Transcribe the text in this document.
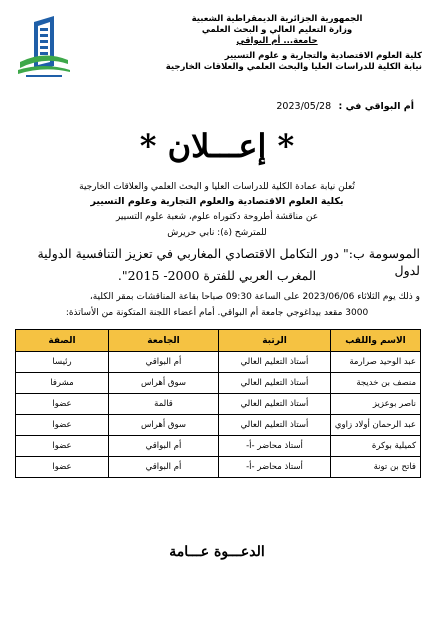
الجمهورية الجزائرية الديمقراطية الشعبية
وزارة التعليم العالي و البحث العلمي
جامعة... أم البواقي
كلية العلوم الاقتصادية والتجارية و علوم التسيير
نيابة الكلية للدراسات العليا والبحث العلمي والعلاقات الخارجية
أم البواقي في : 2023/05/28
* إعـــلان *
تُعلن نيابة عمادة الكلية للدراسات العليا و البحث العلمي والعلاقات الخارجية
بكلية العلوم الاقتصادية والعلوم التجارية وعلوم التسيير
عن مناقشة أطروحة دكتوراه علوم، شعبة علوم التسيير
للمترشح (ة): نابي حريرش
الموسومة ب:" دور التكامل الاقتصادي المغاربي في تعزيز التنافسية الدولية لدول
المغرب العربي للفترة 2000- 2015".
و ذلك يوم الثلاثاء 2023/06/06 على الساعة 09:30 صباحا بقاعة المناقشات بمقر الكلية،
3000 مقعد بيداغوجي جامعة أم البواقي. أمام أعضاء اللجنة المتكونة من الأساتذة:
الاسم واللقب	الرتبة	الجامعة	الصفة
عبد الوحيد صرارمة	أستاذ التعليم العالي	أم البواقي	رئيسا
منصف بن خديجة	أستاذ التعليم العالي	سوق أهراس	مشرفا
ناصر بوعزيز	أستاذ التعليم العالي	قالمة	عضوا
عبد الرحمان أولاد زاوي	أستاذ التعليم العالي	سوق أهراس	عضوا
كميلية بوكرة	أستاذ محاضر -أ-	أم البواقي	عضوا
فاتح بن تونة	أستاذ محاضر -أ-	أم البواقي	عضوا
الدعـــوة عـــامة
